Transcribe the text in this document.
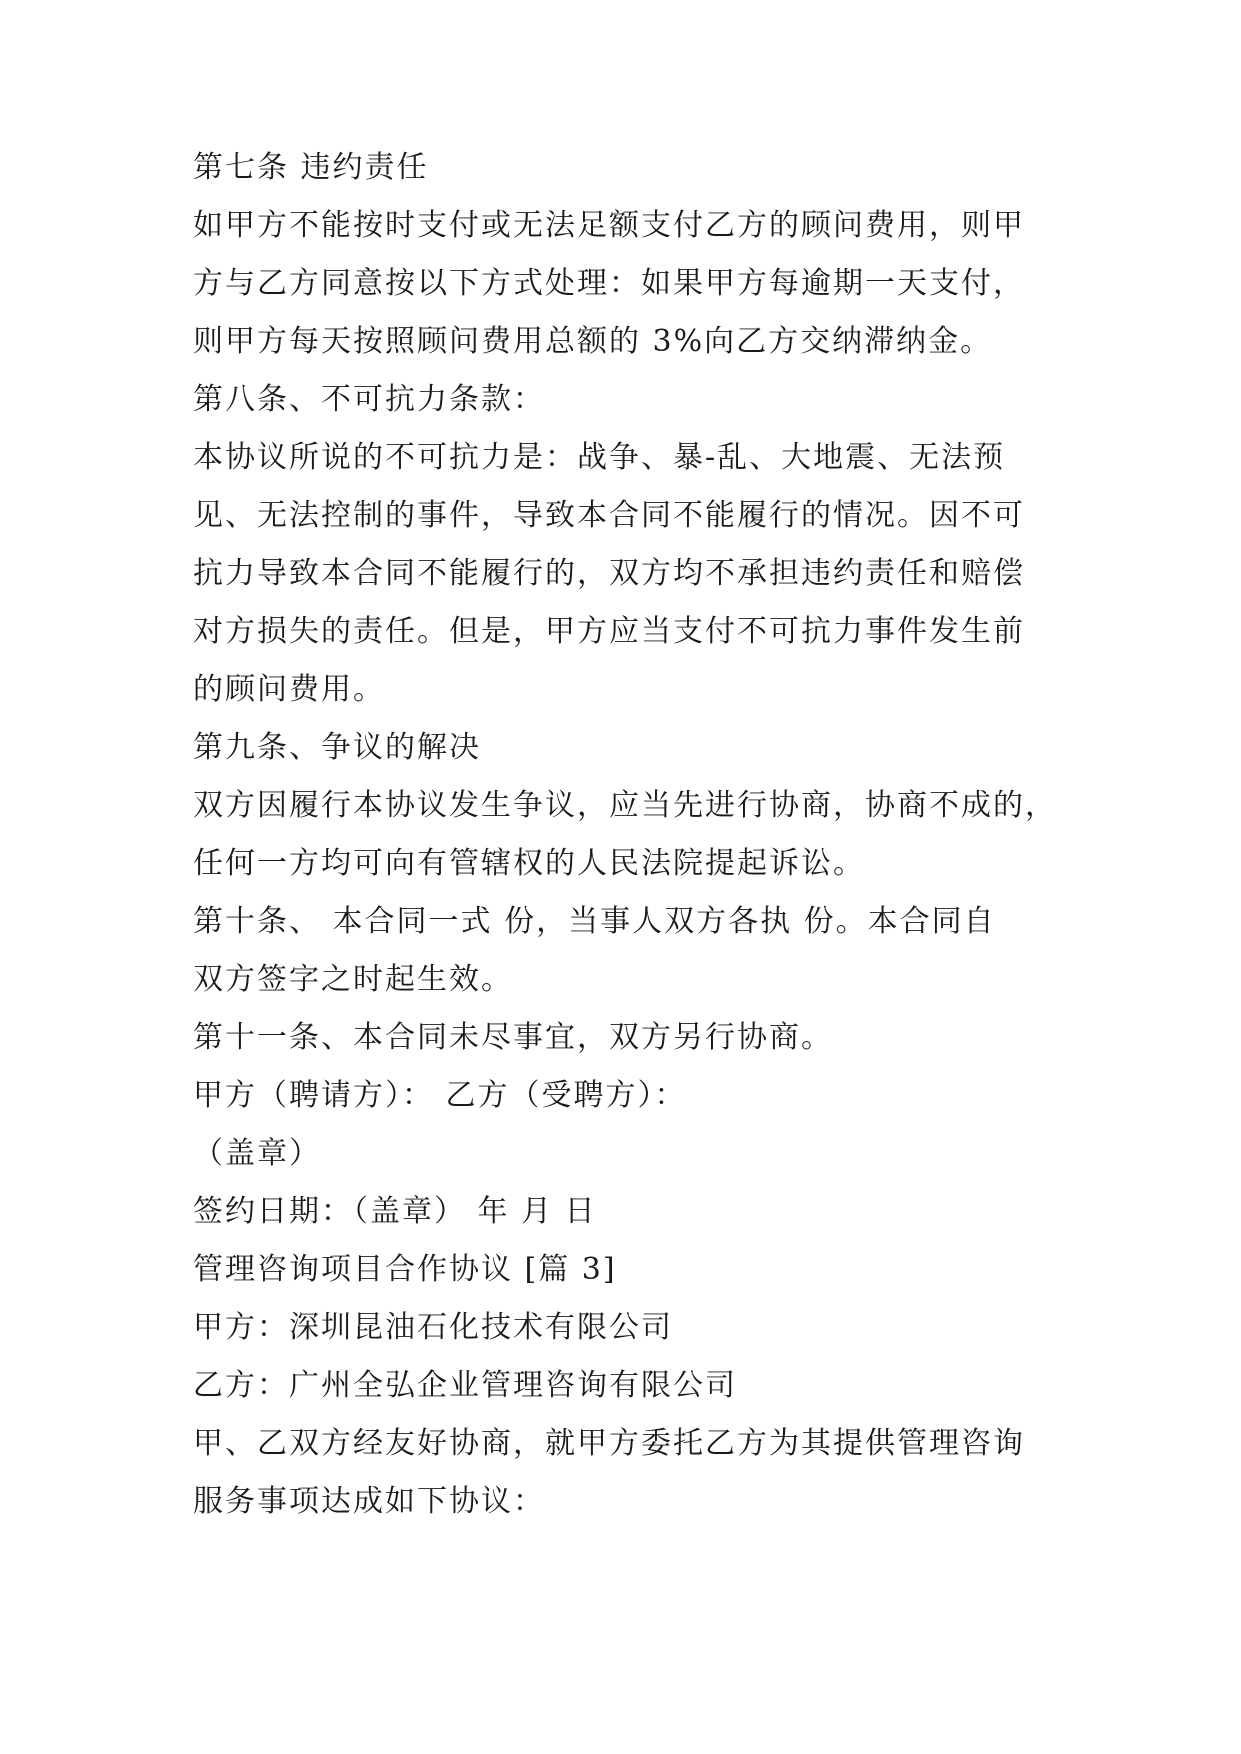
第七条 违约责任
如甲方不能按时支付或无法足额支付乙方的顾问费用，则甲
方与乙方同意按以下方式处理：如果甲方每逾期一天支付，
则甲方每天按照顾问费用总额的 3%向乙方交纳滞纳金。
第八条、不可抗力条款：
本协议所说的不可抗力是：战争、暴-乱、大地震、无法预
见、无法控制的事件，导致本合同不能履行的情况。因不可
抗力导致本合同不能履行的，双方均不承担违约责任和赔偿
对方损失的责任。但是，甲方应当支付不可抗力事件发生前
的顾问费用。
第九条、争议的解决
双方因履行本协议发生争议，应当先进行协商，协商不成的，
任何一方均可向有管辖权的人民法院提起诉讼。
第十条、 本合同一式 份，当事人双方各执 份。本合同自
双方签字之时起生效。
第十一条、本合同未尽事宜，双方另行协商。
甲方（聘请方）： 乙方（受聘方）：
（盖章）
签约日期：（盖章） 年 月 日
管理咨询项目合作协议 [篇 3]
甲方：深圳昆油石化技术有限公司
乙方：广州全弘企业管理咨询有限公司
甲、乙双方经友好协商，就甲方委托乙方为其提供管理咨询
服务事项达成如下协议：
